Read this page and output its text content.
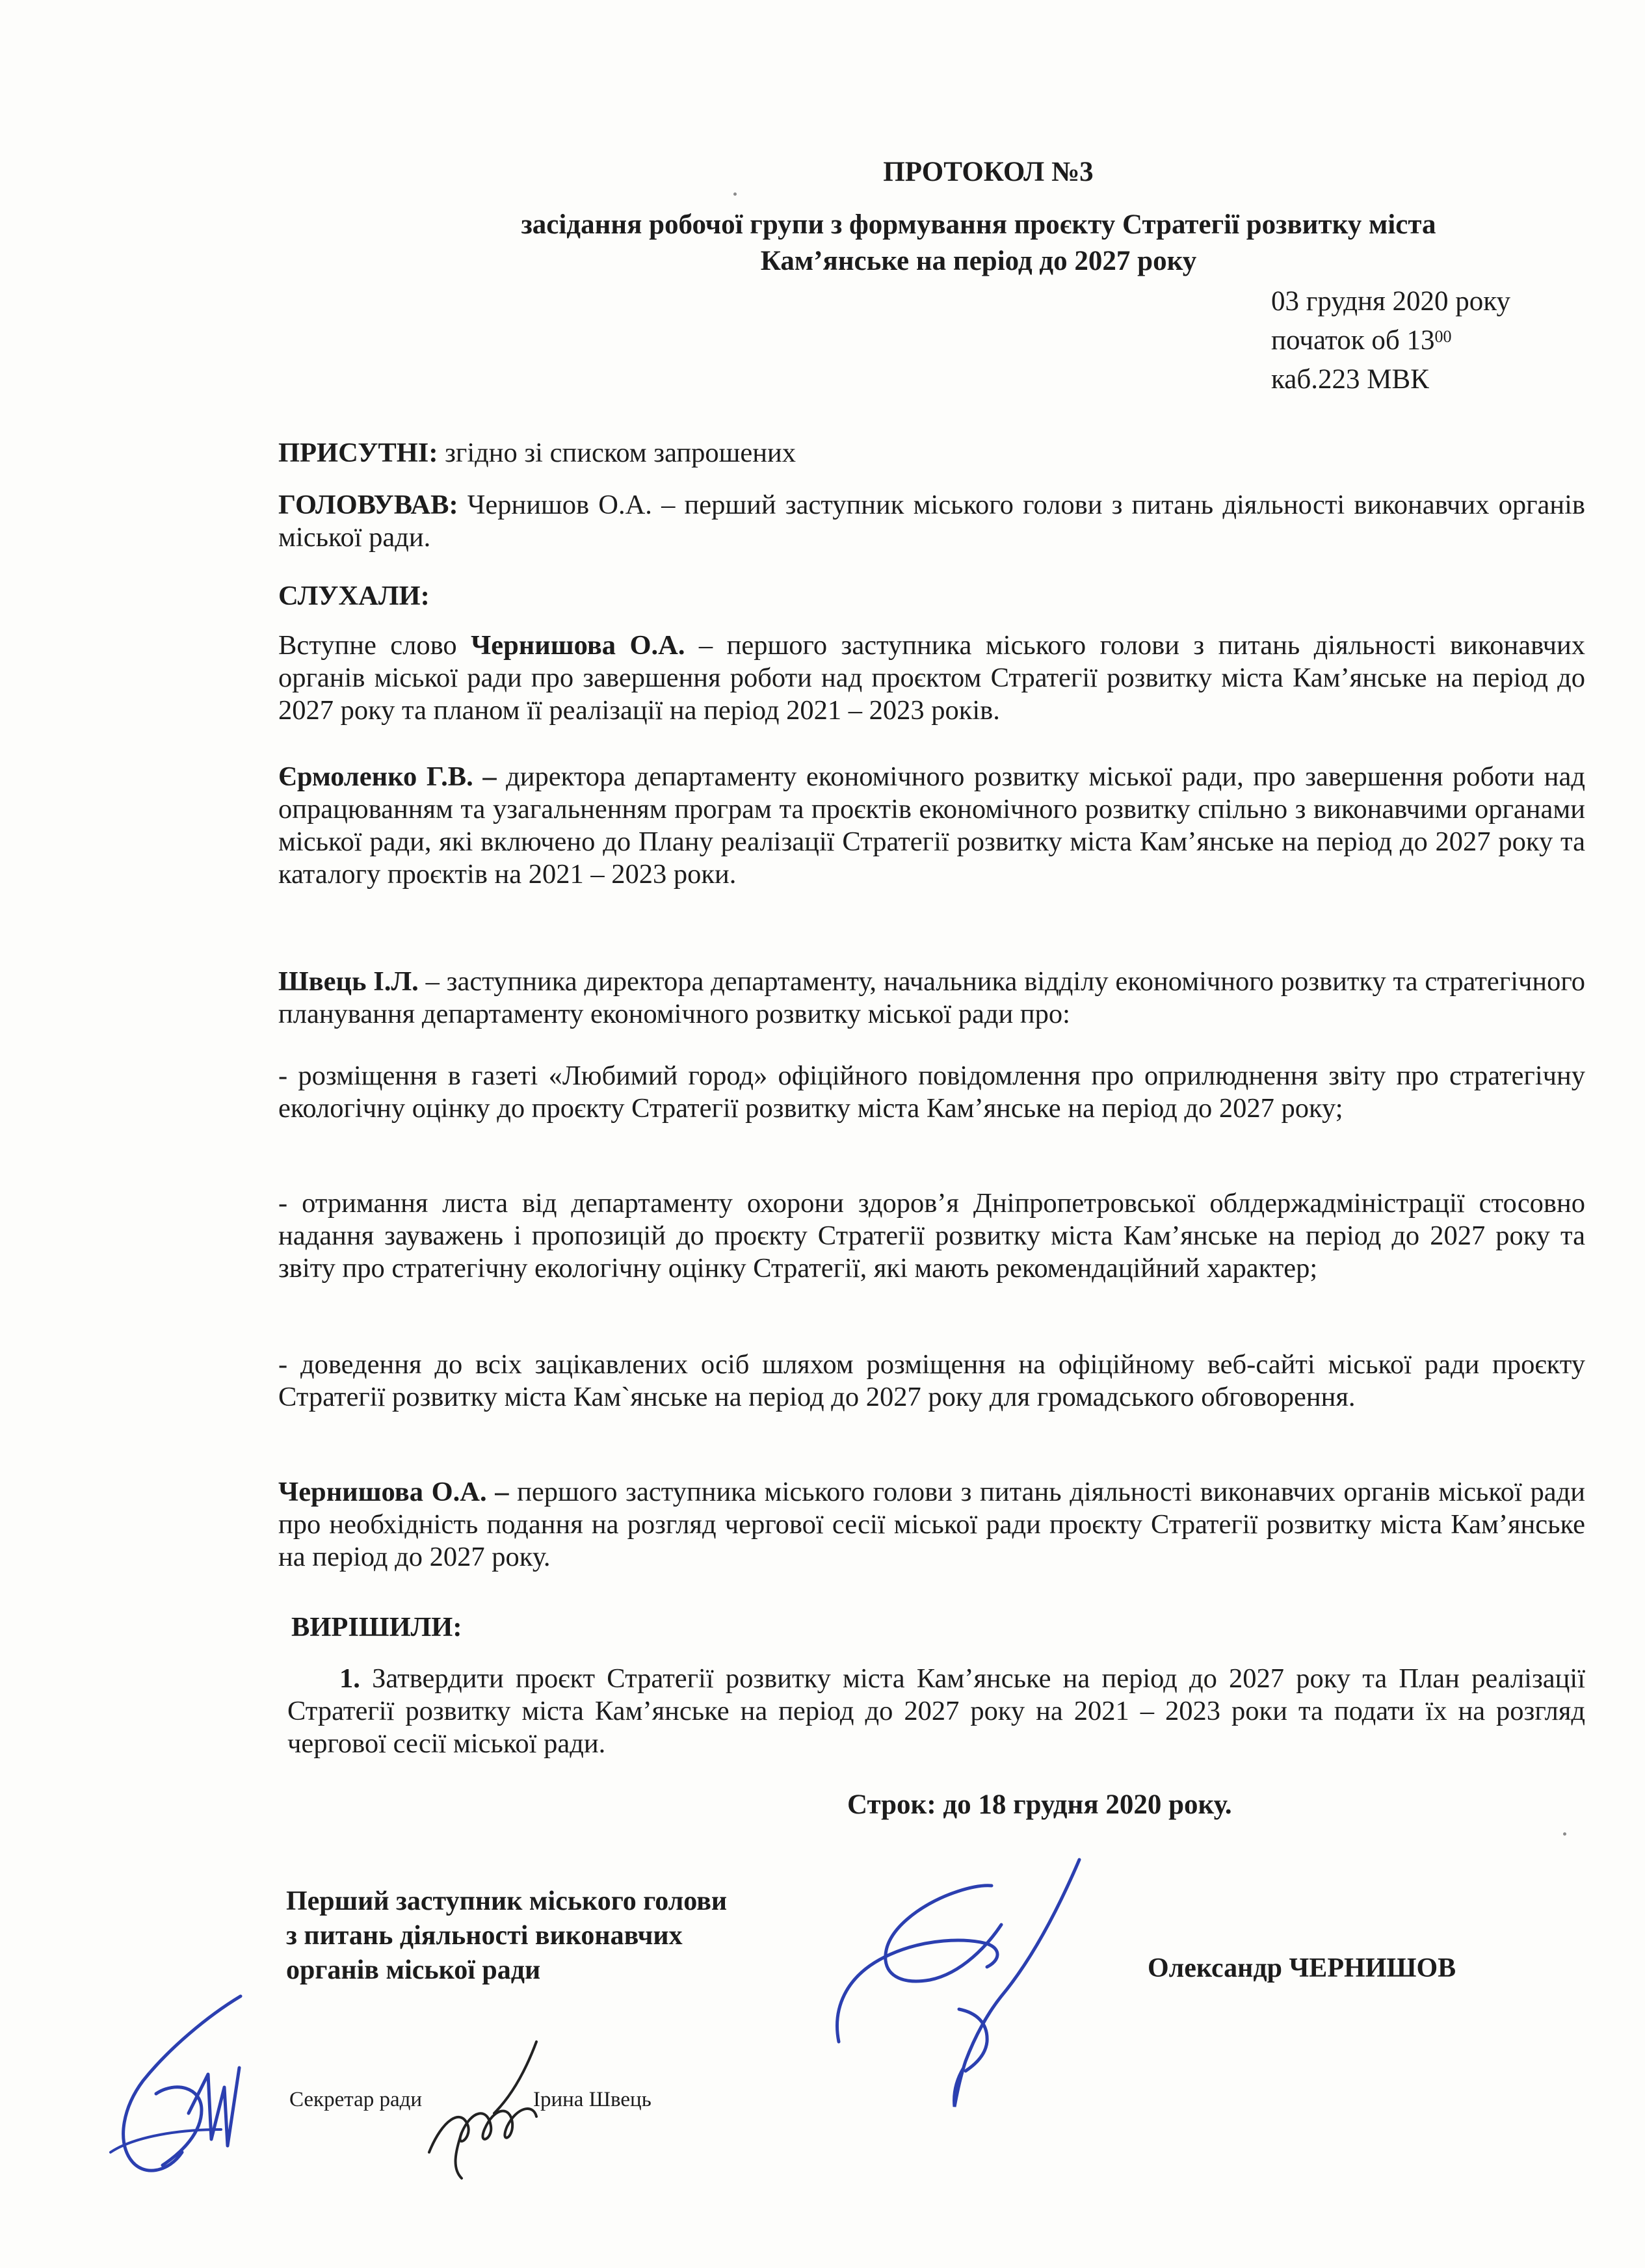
ПРОТОКОЛ №3
засідання робочої групи з формування проєкту Стратегії розвитку міста
Кам’янське на період до 2027 року
03 грудня 2020 року
початок об $13^{00}$
каб.223 МВК

ПРИСУТНІ: згідно зі списком запрошених

ГОЛОВУВАВ: Чернишов О.А. – перший заступник міського голови з питань діяльності виконавчих органів міської ради.

СЛУХАЛИ:

Вступне слово Чернишова О.А. – першого заступника міського голови з питань діяльності виконавчих органів міської ради про завершення роботи над проєктом Стратегії розвитку міста Кам’янське на період до 2027 року та планом її реалізації на період 2021 – 2023 років.

Єрмоленко Г.В. – директора департаменту економічного розвитку міської ради, про завершення роботи над опрацюванням та узагальненням програм та проєктів економічного розвитку спільно з виконавчими органами міської ради, які включено до Плану реалізації Стратегії розвитку міста Кам’янське на період до 2027 року та каталогу проєктів на 2021 – 2023 роки.

Швець І.Л. – заступника директора департаменту, начальника відділу економічного розвитку та стратегічного планування департаменту економічного розвитку міської ради про:

- розміщення в газеті «Любимий город» офіційного повідомлення про оприлюднення звіту про стратегічну екологічну оцінку до проєкту Стратегії розвитку міста Кам’янське на період до 2027 року;
- отримання листа від департаменту охорони здоров’я Дніпропетровської облдержадміністрації стосовно надання зауважень і пропозицій до проєкту Стратегії розвитку міста Кам’янське на період до 2027 року та звіту про стратегічну екологічну оцінку Стратегії, які мають рекомендаційний характер;
- доведення до всіх зацікавлених осіб шляхом розміщення на офіційному веб-сайті міської ради проєкту Стратегії розвитку міста Кам`янське на період до 2027 року для громадського обговорення.

Чернишова О.А. – першого заступника міського голови з питань діяльності виконавчих органів міської ради про необхідність подання на розгляд чергової сесії міської ради проєкту Стратегії розвитку міста Кам’янське на період до 2027 року.

ВИРІШИЛИ:

1. Затвердити проєкт Стратегії розвитку міста Кам’янське на період до 2027 року та План реалізації Стратегії розвитку міста Кам’янське на період до 2027 року на 2021 – 2023 роки та подати їх на розгляд чергової сесії міської ради.

Строк: до 18 грудня 2020 року.
Перший заступник міського голови
з питань діяльності виконавчих
органів міської ради	Олександр ЧЕРНИШОВ
Секретар ради	Ірина Швець
